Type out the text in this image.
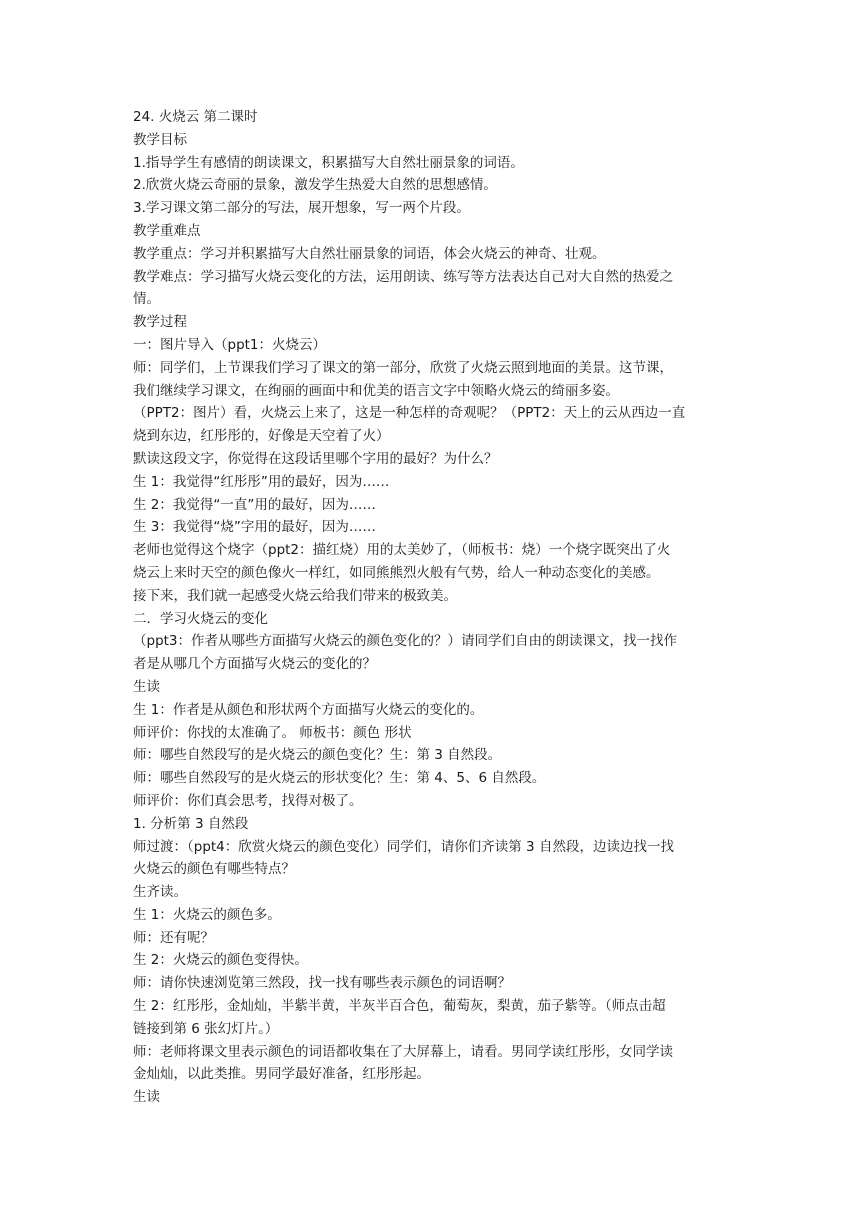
24. 火烧云 第二课时
教学目标
1.指导学生有感情的朗读课文，积累描写大自然壮丽景象的词语。
2.欣赏火烧云奇丽的景象，激发学生热爱大自然的思想感情。
3.学习课文第二部分的写法，展开想象，写一两个片段。
教学重难点
教学重点：学习并积累描写大自然壮丽景象的词语，体会火烧云的神奇、壮观。
教学难点：学习描写火烧云变化的方法，运用朗读、练写等方法表达自己对大自然的热爱之
情。
教学过程
一：图片导入（ppt1：火烧云）
师：同学们，上节课我们学习了课文的第一部分，欣赏了火烧云照到地面的美景。这节课，
我们继续学习课文，在绚丽的画面中和优美的语言文字中领略火烧云的绮丽多姿。
（PPT2：图片）看，火烧云上来了，这是一种怎样的奇观呢？（PPT2：天上的云从西边一直
烧到东边，红彤彤的，好像是天空着了火）
默读这段文字，你觉得在这段话里哪个字用的最好？为什么？
生 1：我觉得“红彤彤”用的最好，因为……
生 2：我觉得“一直”用的最好，因为……
生 3：我觉得“烧”字用的最好，因为……
老师也觉得这个烧字（ppt2：描红烧）用的太美妙了，（师板书：烧）一个烧字既突出了火
烧云上来时天空的颜色像火一样红，如同熊熊烈火般有气势，给人一种动态变化的美感。
接下来，我们就一起感受火烧云给我们带来的极致美。
二．学习火烧云的变化
（ppt3：作者从哪些方面描写火烧云的颜色变化的？）请同学们自由的朗读课文，找一找作
者是从哪几个方面描写火烧云的变化的？
生读
生 1：作者是从颜色和形状两个方面描写火烧云的变化的。
师评价：你找的太准确了。 师板书：颜色 形状
师：哪些自然段写的是火烧云的颜色变化？生：第 3 自然段。
师：哪些自然段写的是火烧云的形状变化？生：第 4、5、6 自然段。
师评价：你们真会思考，找得对极了。
1. 分析第 3 自然段
师过渡：（ppt4：欣赏火烧云的颜色变化）同学们，请你们齐读第 3 自然段，边读边找一找
火烧云的颜色有哪些特点？
生齐读。
生 1：火烧云的颜色多。
师：还有呢？
生 2：火烧云的颜色变得快。
师：请你快速浏览第三然段，找一找有哪些表示颜色的词语啊？
生 2：红彤彤，金灿灿，半紫半黄，半灰半百合色，葡萄灰，梨黄，茄子紫等。（师点击超
链接到第 6 张幻灯片。）
师：老师将课文里表示颜色的词语都收集在了大屏幕上，请看。男同学读红彤彤，女同学读
金灿灿，以此类推。男同学最好准备，红彤彤起。
生读
